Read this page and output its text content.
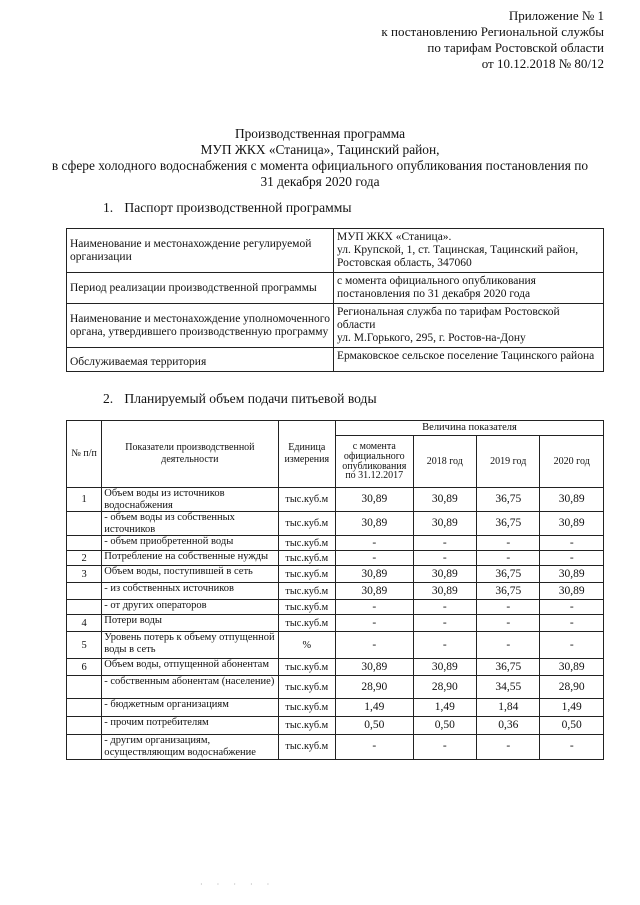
Приложение № 1
к постановлению Региональной службы
по тарифам Ростовской области
от 10.12.2018 № 80/12
Производственная программа
МУП ЖКХ «Станица», Тацинский район,
в сфере холодного водоснабжения с момента официального опубликования постановления по
31 декабря 2020 года
1. Паспорт производственной программы
Наименование и местонахождение регулируемой организации	МУП ЖКХ «Станица».
ул. Крупской, 1, ст. Тацинская, Тацинский район,
Ростовская область, 347060

Период реализации производственной программы	с момента официального опубликования постановления по 31 декабря 2020 года

Наименование и местонахождение уполномоченного органа, утвердившего производственную программу	Региональная служба по тарифам Ростовской области
ул. М.Горького, 295, г. Ростов-на-Дону

Обслуживаемая территория	Ермаковское сельское поселение Тацинского района
2. Планируемый объем подачи питьевой воды
№ п/п	Показатели производственной деятельности	Единица измерения	Величина показателя			
			с момента официального опубликования по 31.12.2017	2018 год	2019 год	2020 год
1	Объем воды из источников водоснабжения	тыс.куб.м	30,89	30,89	36,75	30,89
	- объем воды из собственных источников	тыс.куб.м	30,89	30,89	36,75	30,89
	- объем приобретенной воды	тыс.куб.м	-	-	-	-
2	Потребление на собственные нужды	тыс.куб.м	-	-	-	-
3	Объем воды, поступившей в сеть	тыс.куб.м	30,89	30,89	36,75	30,89
	- из собственных источников	тыс.куб.м	30,89	30,89	36,75	30,89
	- от других операторов	тыс.куб.м	-	-	-	-
4	Потери воды	тыс.куб.м	-	-	-	-
5	Уровень потерь к объему отпущенной воды в сеть	%	-	-	-	-
6	Объем воды, отпущенной абонентам	тыс.куб.м	30,89	30,89	36,75	30,89
	- собственным абонентам (население)	тыс.куб.м	28,90	28,90	34,55	28,90
	- бюджетным организациям	тыс.куб.м	1,49	1,49	1,84	1,49
	- прочим потребителям	тыс.куб.м	0,50	0,50	0,36	0,50
	- другим организациям, осуществляющим водоснабжение	тыс.куб.м	-	-	-	-
· · · · ·
